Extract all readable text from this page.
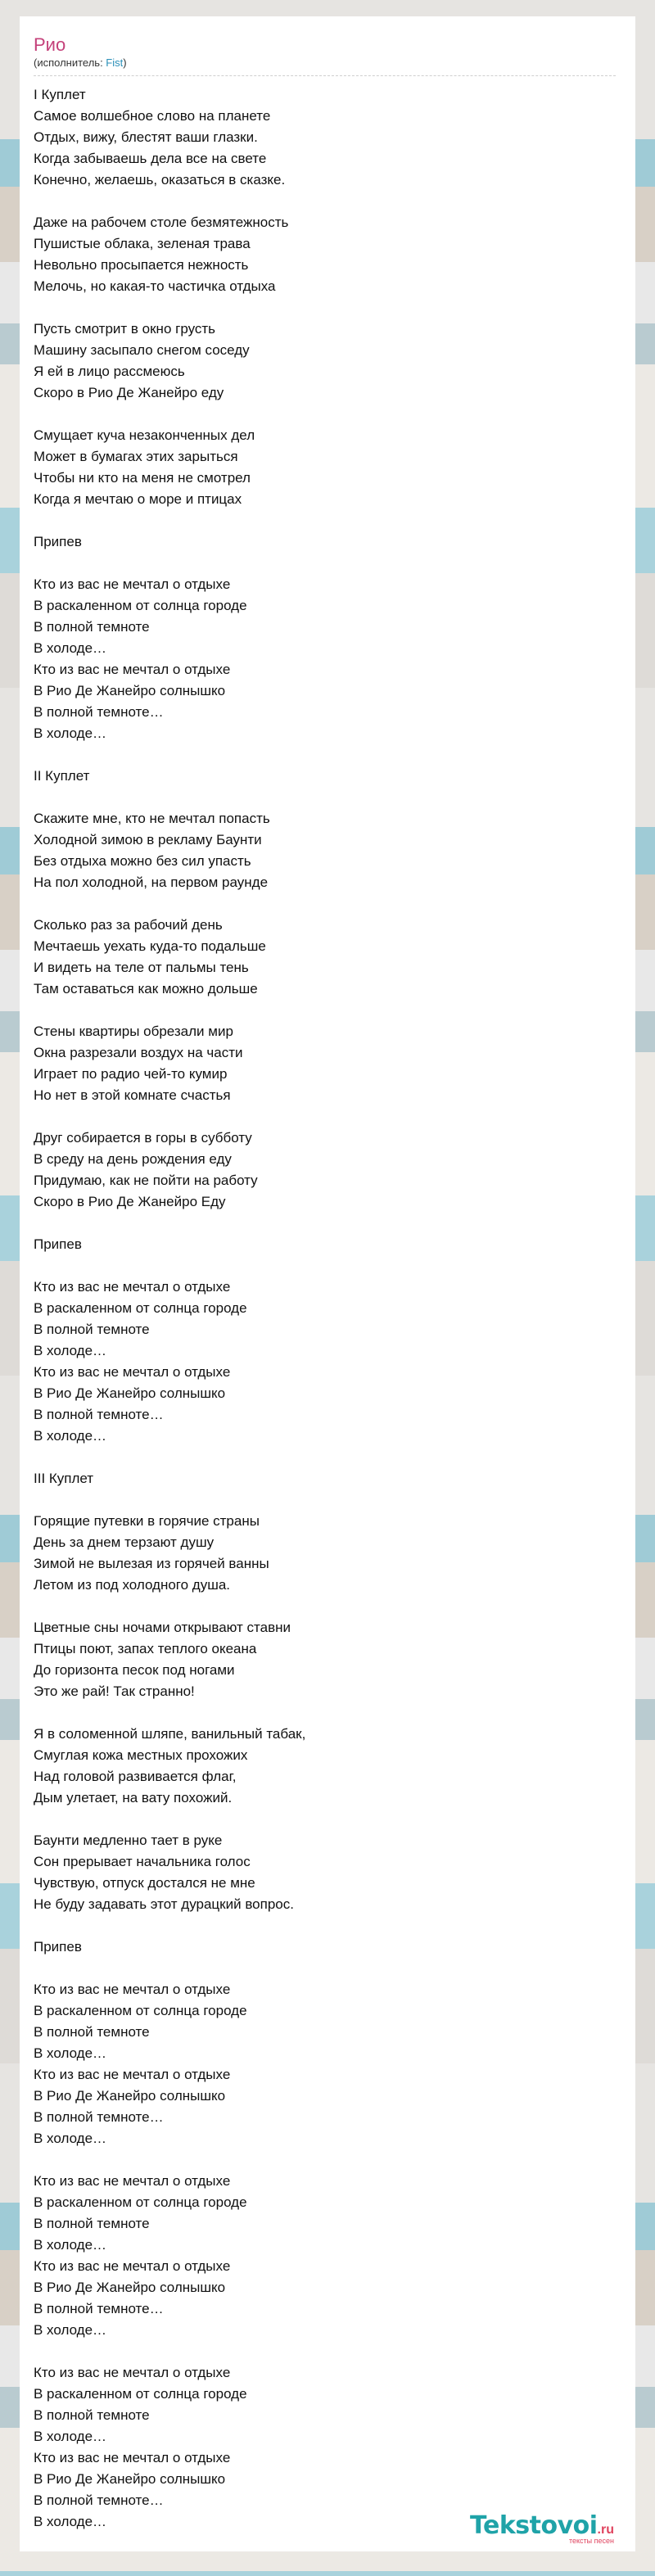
Рио
(исполнитель: Fist)
I Куплет
Самое волшебное слово на планете
Отдых, вижу, блестят ваши глазки.
Когда забываешь дела все на свете
Конечно, желаешь, оказаться в сказке.
Даже на рабочем столе безмятежность
Пушистые облака, зеленая трава
Невольно просыпается нежность
Мелочь, но какая-то частичка отдыха
Пусть смотрит в окно грусть
Машину засыпало снегом соседу
Я ей в лицо рассмеюсь
Скоро в Рио Де Жанейро еду
Смущает куча незаконченных дел
Может в бумагах этих зарыться
Чтобы ни кто на меня не смотрел
Когда я мечтаю о море и птицах
Припев
Кто из вас не мечтал о отдыхе
В раскаленном от солнца городе
В полной темноте
В холоде…
Кто из вас не мечтал о отдыхе
В Рио Де Жанейро солнышко
В полной темноте…
В холоде…
II Куплет
Скажите мне, кто не мечтал попасть
Холодной зимою в рекламу Баунти
Без отдыха можно без сил упасть
На пол холодной, на первом раунде
Сколько раз за рабочий день
Мечтаешь уехать куда-то подальше
И видеть на теле от пальмы тень
Там оставаться как можно дольше
Стены квартиры обрезали мир
Окна разрезали воздух на части
Играет по радио чей-то кумир
Но нет в этой комнате счастья
Друг собирается в горы в субботу
В среду на день рождения еду
Придумаю, как не пойти на работу
Скоро в Рио Де Жанейро Еду
Припев
Кто из вас не мечтал о отдыхе
В раскаленном от солнца городе
В полной темноте
В холоде…
Кто из вас не мечтал о отдыхе
В Рио Де Жанейро солнышко
В полной темноте…
В холоде…
III Куплет
Горящие путевки в горячие страны
День за днем терзают душу
Зимой не вылезая из горячей ванны
Летом из под холодного душа.
Цветные сны ночами открывают ставни
Птицы поют, запах теплого океана
До горизонта песок под ногами
Это же рай! Так странно!
Я в соломенной шляпе, ванильный табак,
Смуглая кожа местных прохожих
Над головой развивается флаг,
Дым улетает, на вату похожий.
Баунти медленно тает в руке
Сон прерывает начальника голос
Чувствую, отпуск достался не мне
Не буду задавать этот дурацкий вопрос.
Припев
Кто из вас не мечтал о отдыхе
В раскаленном от солнца городе
В полной темноте
В холоде…
Кто из вас не мечтал о отдыхе
В Рио Де Жанейро солнышко
В полной темноте…
В холоде…
Кто из вас не мечтал о отдыхе
В раскаленном от солнца городе
В полной темноте
В холоде…
Кто из вас не мечтал о отдыхе
В Рио Де Жанейро солнышко
В полной темноте…
В холоде…
Кто из вас не мечтал о отдыхе
В раскаленном от солнца городе
В полной темноте
В холоде…
Кто из вас не мечтал о отдыхе
В Рио Де Жанейро солнышко
В полной темноте…
В холоде…	Tekstovoi.ru
тексты песен
